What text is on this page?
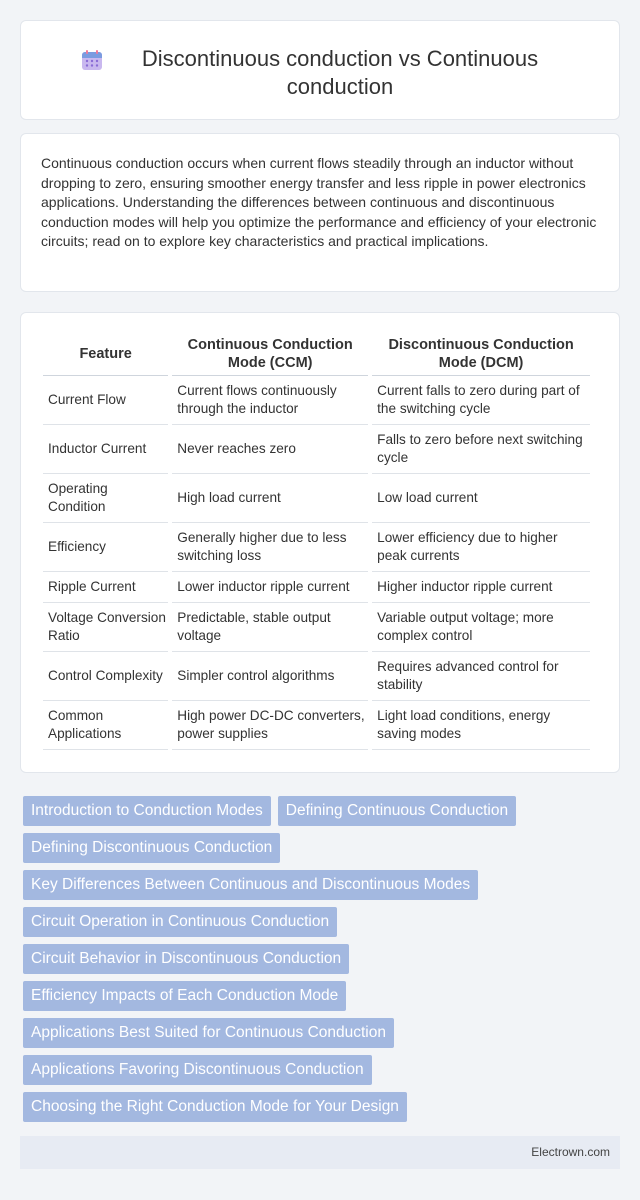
Discontinuous conduction vs Continuous conduction

Continuous conduction occurs when current flows steadily through an inductor without dropping to zero, ensuring smoother energy transfer and less ripple in power electronics applications. Understanding the differences between continuous and discontinuous conduction modes will help you optimize the performance and efficiency of your electronic circuits; read on to explore key characteristics and practical implications.

Feature	Continuous Conduction Mode (CCM)	Discontinuous Conduction Mode (DCM)
Current Flow	Current flows continuously through the inductor	Current falls to zero during part of the switching cycle
Inductor Current	Never reaches zero	Falls to zero before next switching cycle
Operating Condition	High load current	Low load current
Efficiency	Generally higher due to less switching loss	Lower efficiency due to higher peak currents
Ripple Current	Lower inductor ripple current	Higher inductor ripple current
Voltage Conversion Ratio	Predictable, stable output voltage	Variable output voltage; more complex control
Control Complexity	Simpler control algorithms	Requires advanced control for stability
Common Applications	High power DC-DC converters, power supplies	Light load conditions, energy saving modes
Introduction to Conduction Modes	Defining Continuous Conduction
Defining Discontinuous Conduction
Key Differences Between Continuous and Discontinuous Modes
Circuit Operation in Continuous Conduction
Circuit Behavior in Discontinuous Conduction
Efficiency Impacts of Each Conduction Mode
Applications Best Suited for Continuous Conduction
Applications Favoring Discontinuous Conduction
Choosing the Right Conduction Mode for Your Design
Electrown.com
